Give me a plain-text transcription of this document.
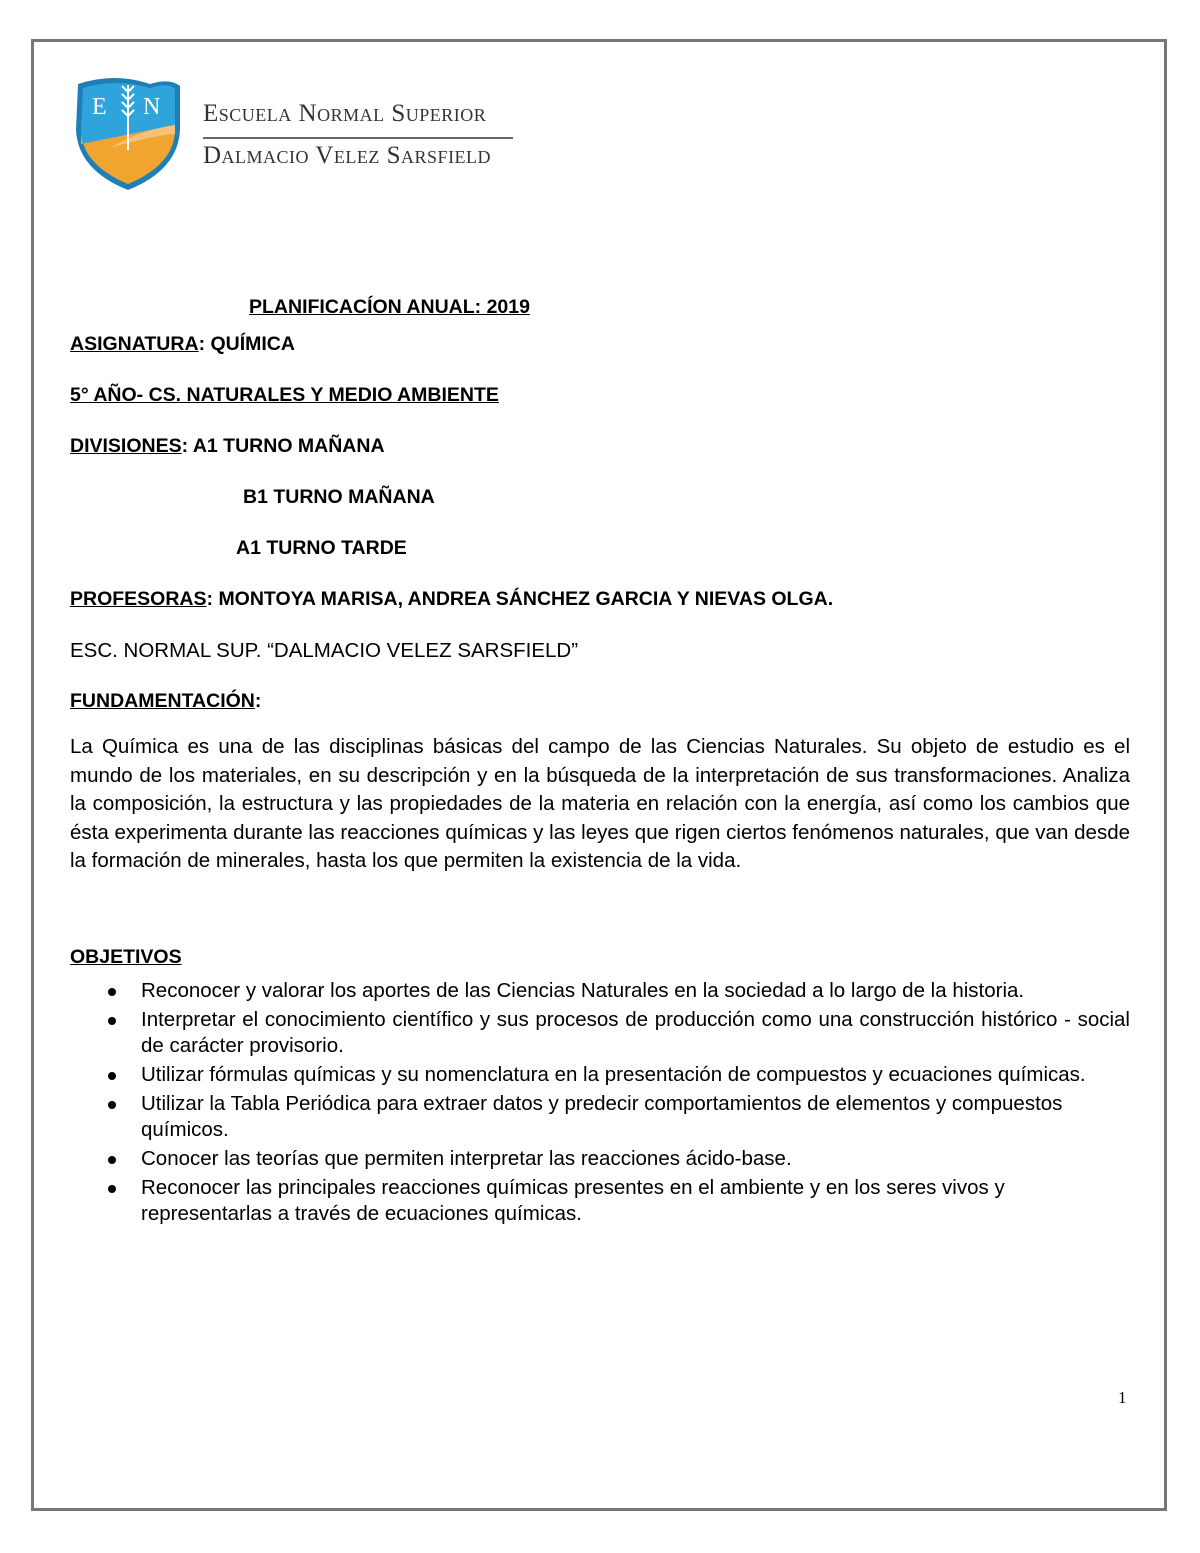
E N Escuela Normal Superior
Dalmacio Velez Sarsfield
PLANIFICACÍON ANUAL: 2019
ASIGNATURA: QUÍMICA
5° AÑO- CS. NATURALES Y MEDIO AMBIENTE
DIVISIONES: A1 TURNO MAÑANA
B1 TURNO MAÑANA
A1 TURNO TARDE
PROFESORAS: MONTOYA MARISA, ANDREA SÁNCHEZ GARCIA Y NIEVAS OLGA.
ESC. NORMAL SUP. “DALMACIO VELEZ SARSFIELD”
FUNDAMENTACIÓN:

La Química es una de las disciplinas básicas del campo de las Ciencias Naturales. Su objeto de estudio es el mundo de los materiales, en su descripción y en la búsqueda de la interpretación de sus transformaciones. Analiza la composición, la estructura y las propiedades de la materia en relación con la energía, así como los cambios que ésta experimenta durante las reacciones químicas y las leyes que rigen ciertos fenómenos naturales, que van desde la formación de minerales, hasta los que permiten la existencia de la vida.

OBJETIVOS
Reconocer y valorar los aportes de las Ciencias Naturales en la sociedad a lo largo de la historia.
Interpretar el conocimiento científico y sus procesos de producción como una construcción histórico - social de carácter provisorio.
Utilizar fórmulas químicas y su nomenclatura en la presentación de compuestos y ecuaciones químicas.
Utilizar la Tabla Periódica para extraer datos y predecir comportamientos de elementos y compuestos químicos.
Conocer las teorías que permiten interpretar las reacciones ácido-base.
Reconocer las principales reacciones químicas presentes en el ambiente y en los seres vivos y representarlas a través de ecuaciones químicas.
1
